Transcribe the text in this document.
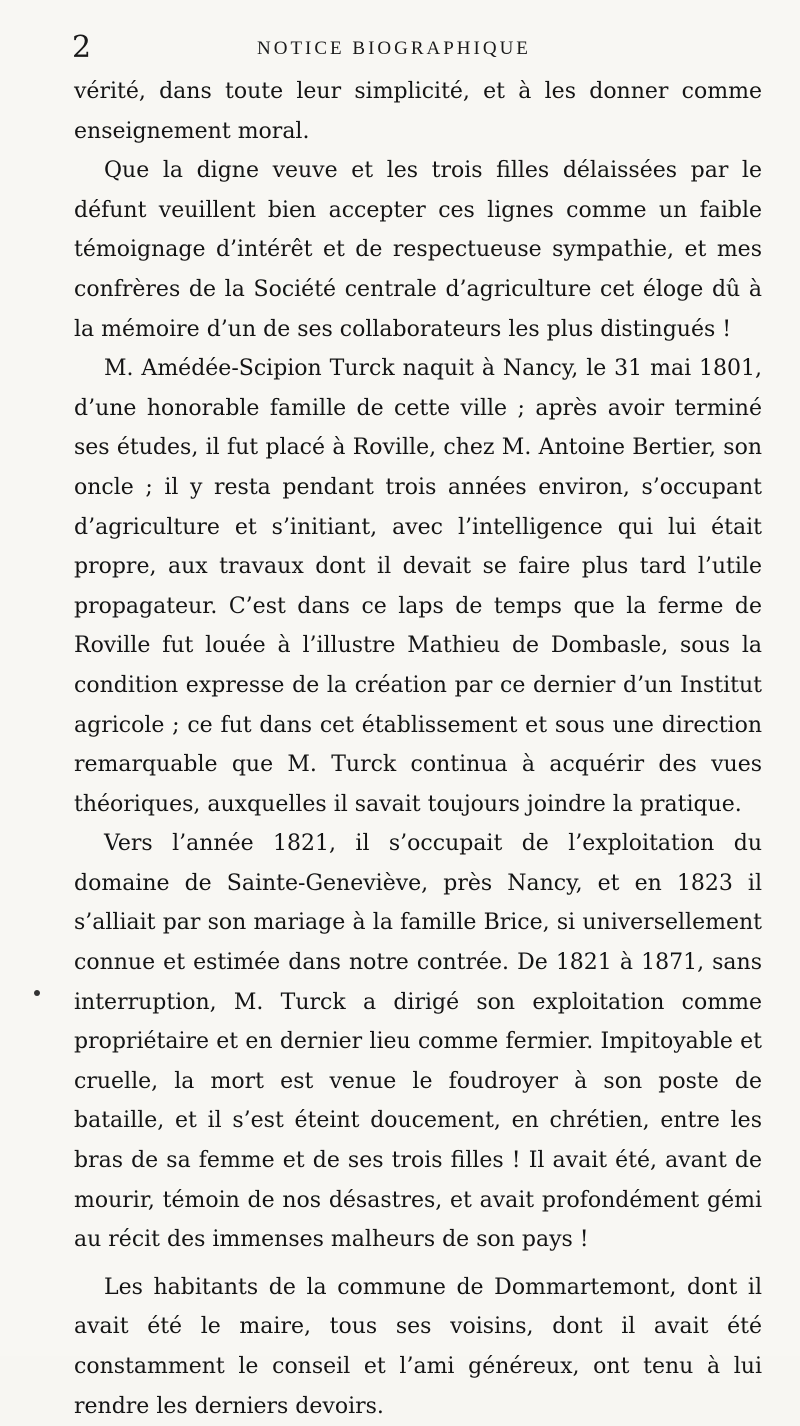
2	NOTICE BIOGRAPHIQUE

vérité, dans toute leur simplicité, et à les donner comme enseignement moral.

Que la digne veuve et les trois filles délaissées par le défunt veuillent bien accepter ces lignes comme un faible témoignage d’intérêt et de respectueuse sympathie, et mes confrères de la Société centrale d’agriculture cet éloge dû à la mémoire d’un de ses collaborateurs les plus distingués !

M. Amédée-Scipion Turck naquit à Nancy, le 31 mai 1801, d’une honorable famille de cette ville ; après avoir terminé ses études, il fut placé à Roville, chez M. Antoine Bertier, son oncle ; il y resta pendant trois années environ, s’occupant d’agriculture et s’initiant, avec l’intelligence qui lui était propre, aux travaux dont il devait se faire plus tard l’utile propagateur. C’est dans ce laps de temps que la ferme de Roville fut louée à l’illustre Mathieu de Dombasle, sous la condition expresse de la création par ce dernier d’un Institut agricole ; ce fut dans cet établissement et sous une direction remarquable que M. Turck continua à acquérir des vues théoriques, auxquelles il savait toujours joindre la pratique.

Vers l’année 1821, il s’occupait de l’exploitation du domaine de Sainte-Geneviève, près Nancy, et en 1823 il s’alliait par son mariage à la famille Brice, si universellement connue et estimée dans notre contrée. De 1821 à 1871, sans interruption, M. Turck a dirigé son exploitation comme propriétaire et en dernier lieu comme fermier. Impitoyable et cruelle, la mort est venue le foudroyer à son poste de bataille, et il s’est éteint doucement, en chrétien, entre les bras de sa femme et de ses trois filles ! Il avait été, avant de mourir, témoin de nos désastres, et avait profondément gémi au récit des immenses malheurs de son pays !

Les habitants de la commune de Dommartemont, dont il avait été le maire, tous ses voisins, dont il avait été constamment le conseil et l’ami généreux, ont tenu à lui rendre les derniers devoirs.
